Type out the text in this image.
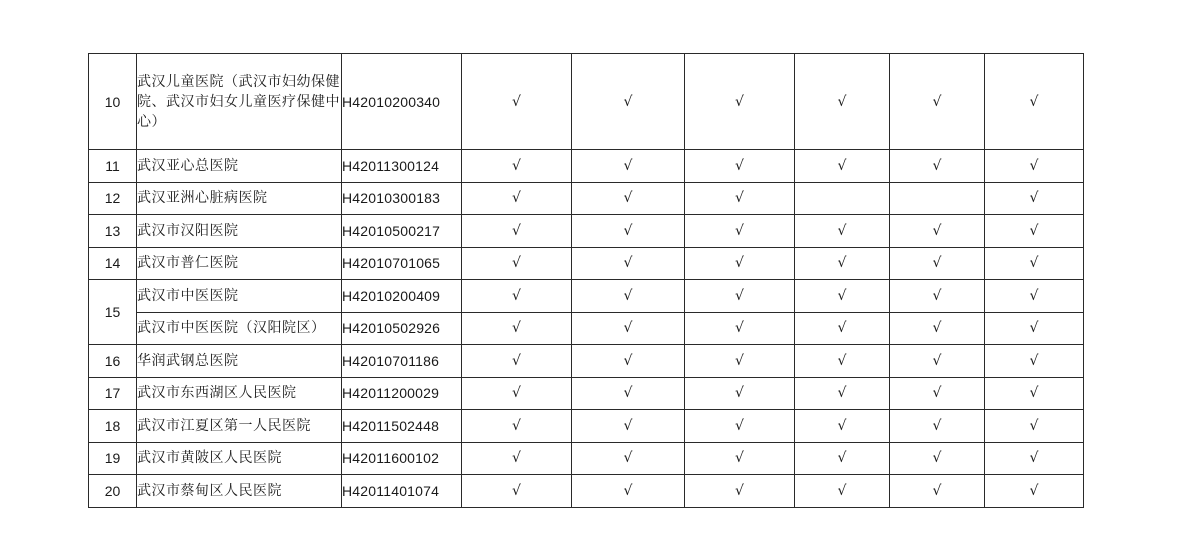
10	武汉儿童医院（武汉市妇幼保健院、武汉市妇女儿童医疗保健中心）	H42010200340	√	√	√	√	√	√
11	武汉亚心总医院	H42011300124	√	√	√	√	√	√
12	武汉亚洲心脏病医院	H42010300183	√	√	√			√
13	武汉市汉阳医院	H42010500217	√	√	√	√	√	√
14	武汉市普仁医院	H42010701065	√	√	√	√	√	√
15	武汉市中医医院	H42010200409	√	√	√	√	√	√
	武汉市中医医院（汉阳院区）	H42010502926	√	√	√	√	√	√
16	华润武钢总医院	H42010701186	√	√	√	√	√	√
17	武汉市东西湖区人民医院	H42011200029	√	√	√	√	√	√
18	武汉市江夏区第一人民医院	H42011502448	√	√	√	√	√	√
19	武汉市黄陂区人民医院	H42011600102	√	√	√	√	√	√
20	武汉市蔡甸区人民医院	H42011401074	√	√	√	√	√	√
